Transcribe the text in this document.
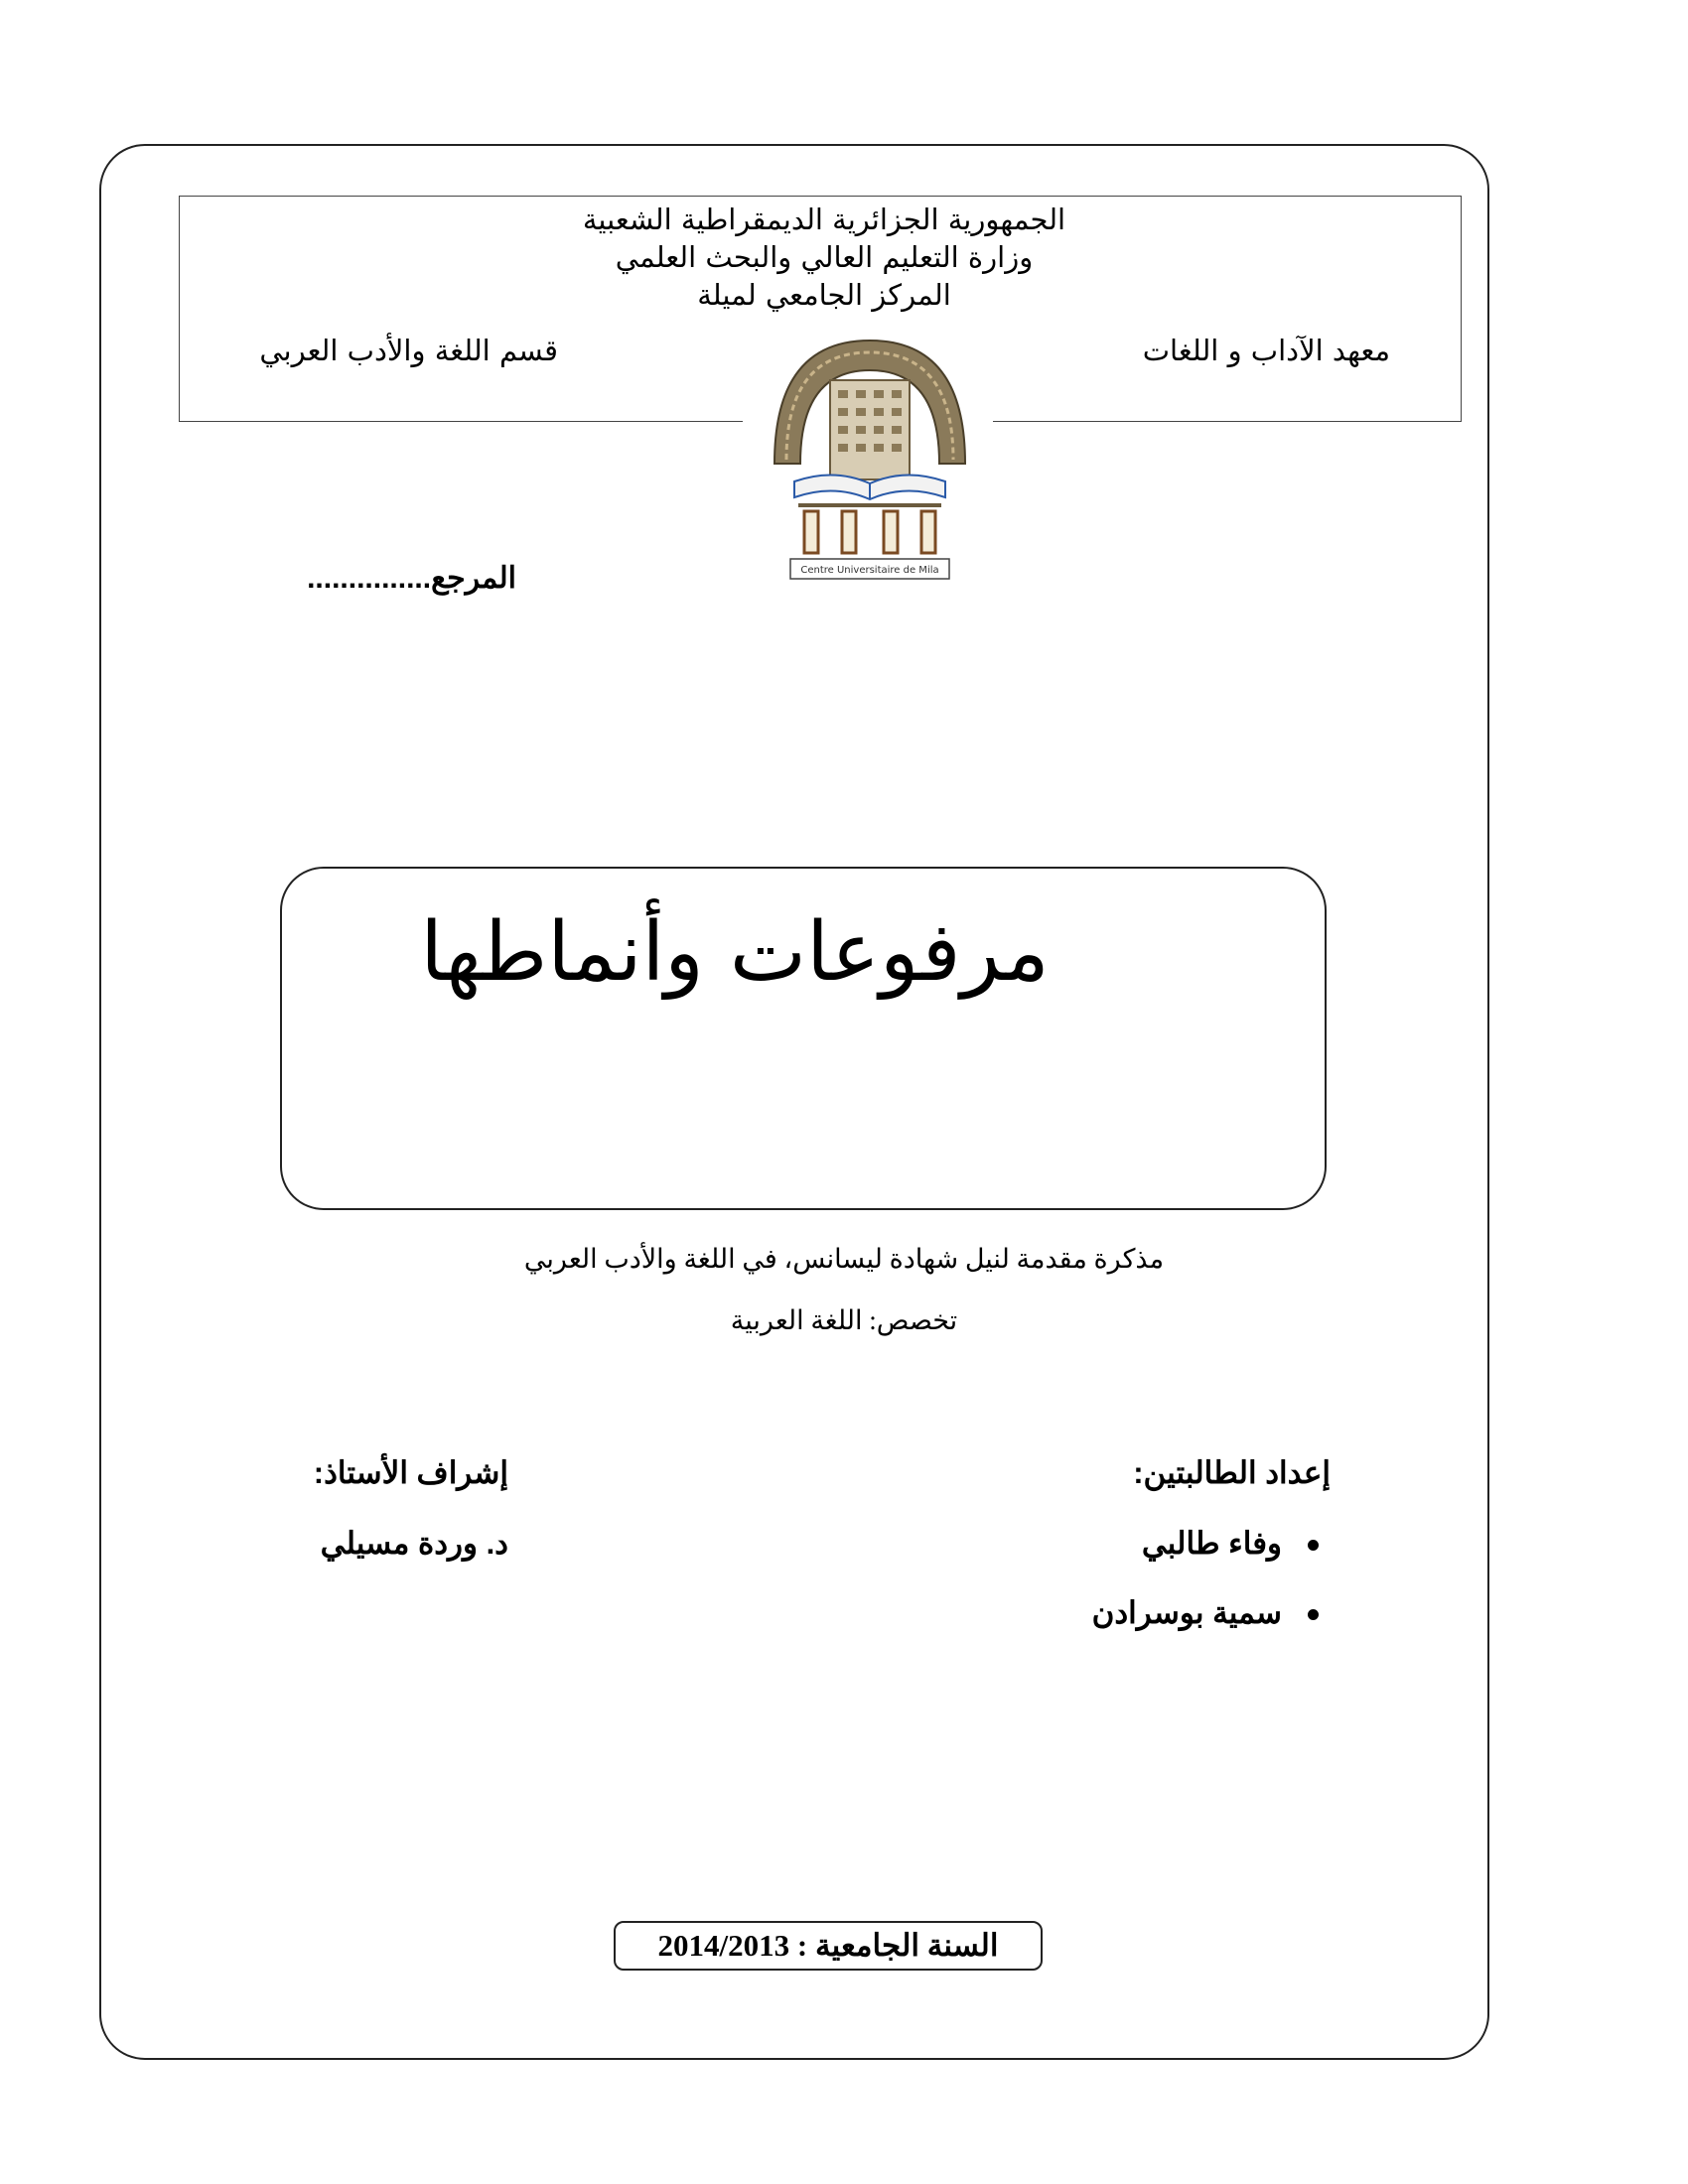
الجمهورية الجزائرية الديمقراطية الشعبية
وزارة التعليم العالي والبحث العلمي
المركز الجامعي لميلة
معهد الآداب و اللغات
قسم اللغة والأدب العربي
Centre Universitaire de Mila
المرجع...............
مرفوعات وأنماطها
مذكرة مقدمة لنيل شهادة ليسانس، في اللغة والأدب العربي
تخصص: اللغة العربية
إعداد الطالبتين:
وفاء طالبي
سمية بوسرادن
إشراف الأستاذ:
د. وردة مسيلي
السنة الجامعية : 2014/2013
